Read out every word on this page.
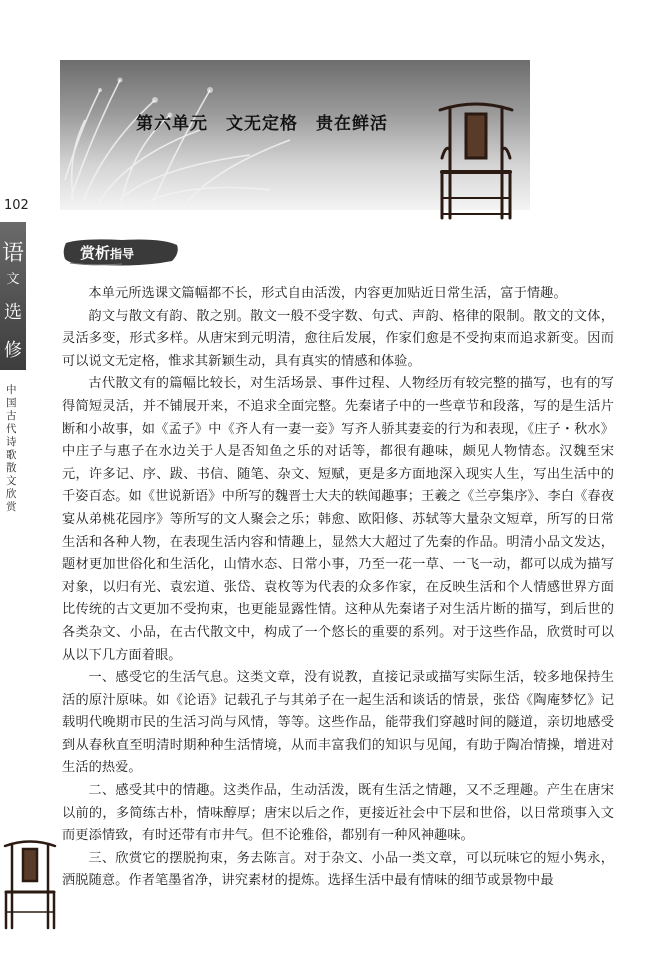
第六单元　文无定格　贵在鲜活
102
语
文
选
修
中国古代诗歌散文欣赏
赏析指导

本单元所选课文篇幅都不长，形式自由活泼，内容更加贴近日常生活，富于情趣。

韵文与散文有韵、散之别。散文一般不受字数、句式、声韵、格律的限制。散文的文体，灵活多变，形式多样。从唐宋到元明清，愈往后发展，作家们愈是不受拘束而追求新变。因而可以说文无定格，惟求其新颖生动，具有真实的情感和体验。

古代散文有的篇幅比较长，对生活场景、事件过程、人物经历有较完整的描写，也有的写得简短灵活，并不铺展开来，不追求全面完整。先秦诸子中的一些章节和段落，写的是生活片断和小故事，如《孟子》中《齐人有一妻一妾》写齐人骄其妻妾的行为和表现，《庄子・秋水》中庄子与惠子在水边关于人是否知鱼之乐的对话等，都很有趣味，颇见人物情态。汉魏至宋元，许多记、序、跋、书信、随笔、杂文、短赋，更是多方面地深入现实人生，写出生活中的千姿百态。如《世说新语》中所写的魏晋士大夫的轶闻趣事；王羲之《兰亭集序》、李白《春夜宴从弟桃花园序》等所写的文人聚会之乐；韩愈、欧阳修、苏轼等大量杂文短章，所写的日常生活和各种人物，在表现生活内容和情趣上，显然大大超过了先秦的作品。明清小品文发达，题材更加世俗化和生活化，山情水态、日常小事，乃至一花一草、一飞一动，都可以成为描写对象，以归有光、袁宏道、张岱、袁枚等为代表的众多作家，在反映生活和个人情感世界方面比传统的古文更加不受拘束，也更能显露性情。这种从先秦诸子对生活片断的描写，到后世的各类杂文、小品，在古代散文中，构成了一个悠长的重要的系列。对于这些作品，欣赏时可以从以下几方面着眼。

一、感受它的生活气息。这类文章，没有说教，直接记录或描写实际生活，较多地保持生活的原汁原味。如《论语》记载孔子与其弟子在一起生活和谈话的情景，张岱《陶庵梦忆》记载明代晚期市民的生活习尚与风情，等等。这些作品，能带我们穿越时间的隧道，亲切地感受到从春秋直至明清时期种种生活情境，从而丰富我们的知识与见闻，有助于陶冶情操，增进对生活的热爱。

二、感受其中的情趣。这类作品，生动活泼，既有生活之情趣，又不乏理趣。产生在唐宋以前的，多简练古朴，情味醇厚；唐宋以后之作，更接近社会中下层和世俗，以日常琐事入文而更添情致，有时还带有市井气。但不论雅俗，都别有一种风神趣味。

三、欣赏它的摆脱拘束，务去陈言。对于杂文、小品一类文章，可以玩味它的短小隽永，洒脱随意。作者笔墨省净，讲究素材的提炼。选择生活中最有情味的细节或景物中最
